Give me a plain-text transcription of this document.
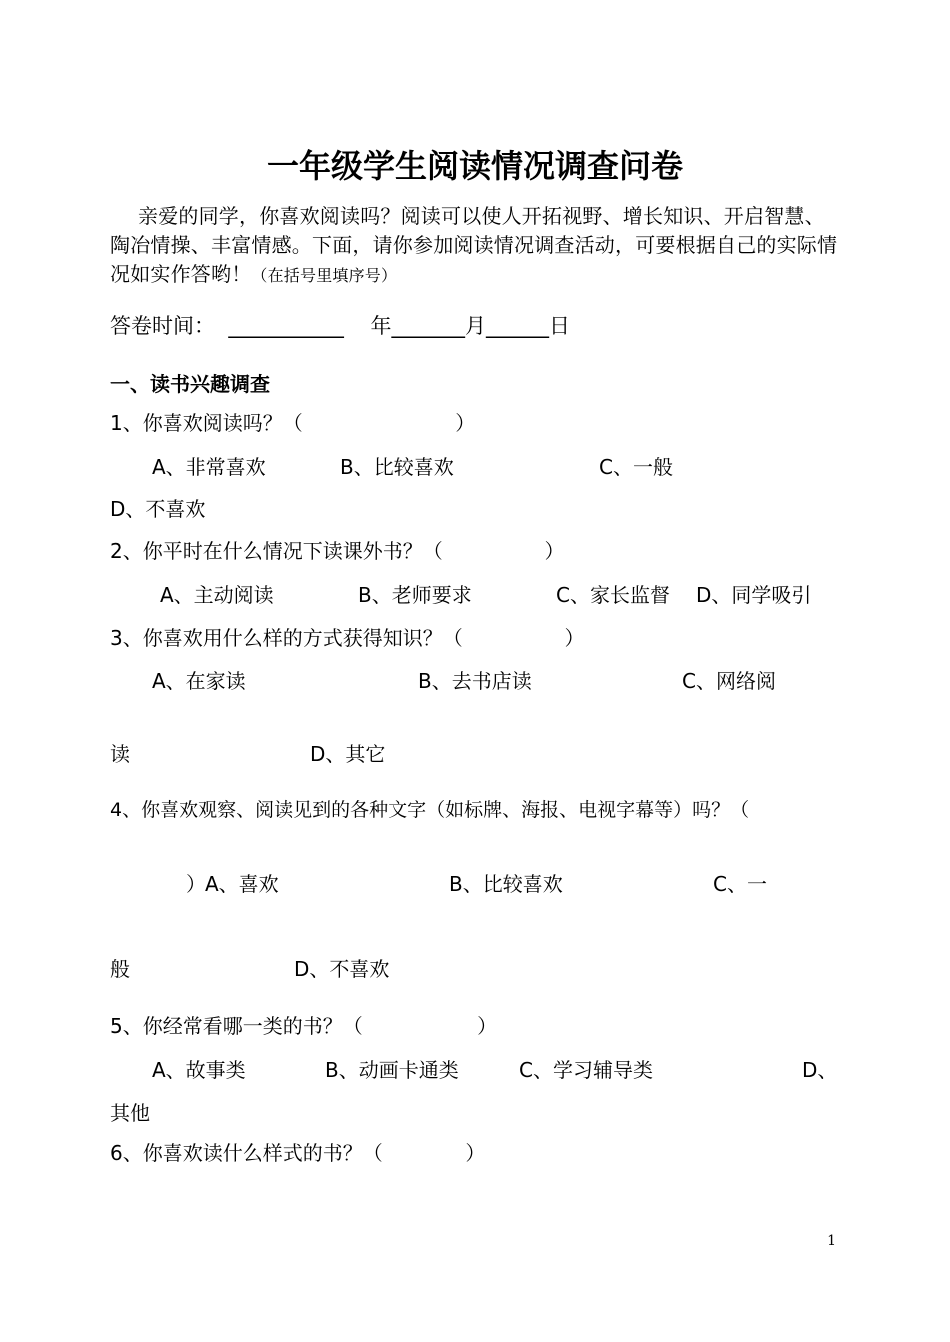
一年级学生阅读情况调查问卷
亲爱的同学，你喜欢阅读吗？阅读可以使人开拓视野、增长知识、开启智慧、陶冶情操、丰富情感。下面，请你参加阅读情况调查活动，可要根据自己的实际情况如实作答哟！（在括号里填序号）
答卷时间：  ___________    年_______月______日
一、读书兴趣调查
1、你喜欢阅读吗？（                        ）
A、非常喜欢	B、比较喜欢	C、一般
D、不喜欢
2、你平时在什么情况下读课外书？（                ）
A、主动阅读	B、老师要求	C、家长监督 D、同学吸引
3、你喜欢用什么样的方式获得知识？（                ）
A、在家读	B、去书店读	C、网络阅
读	D、其它
4、你喜欢观察、阅读见到的各种文字（如标牌、海报、电视字幕等）吗？（
） A、喜欢	B、比较喜欢	C、一
般	D、不喜欢
5、你经常看哪一类的书？（                  ）
A、故事类	B、动画卡通类	C、学习辅导类	D、
其他
6、你喜欢读什么样式的书？（             ）
1
